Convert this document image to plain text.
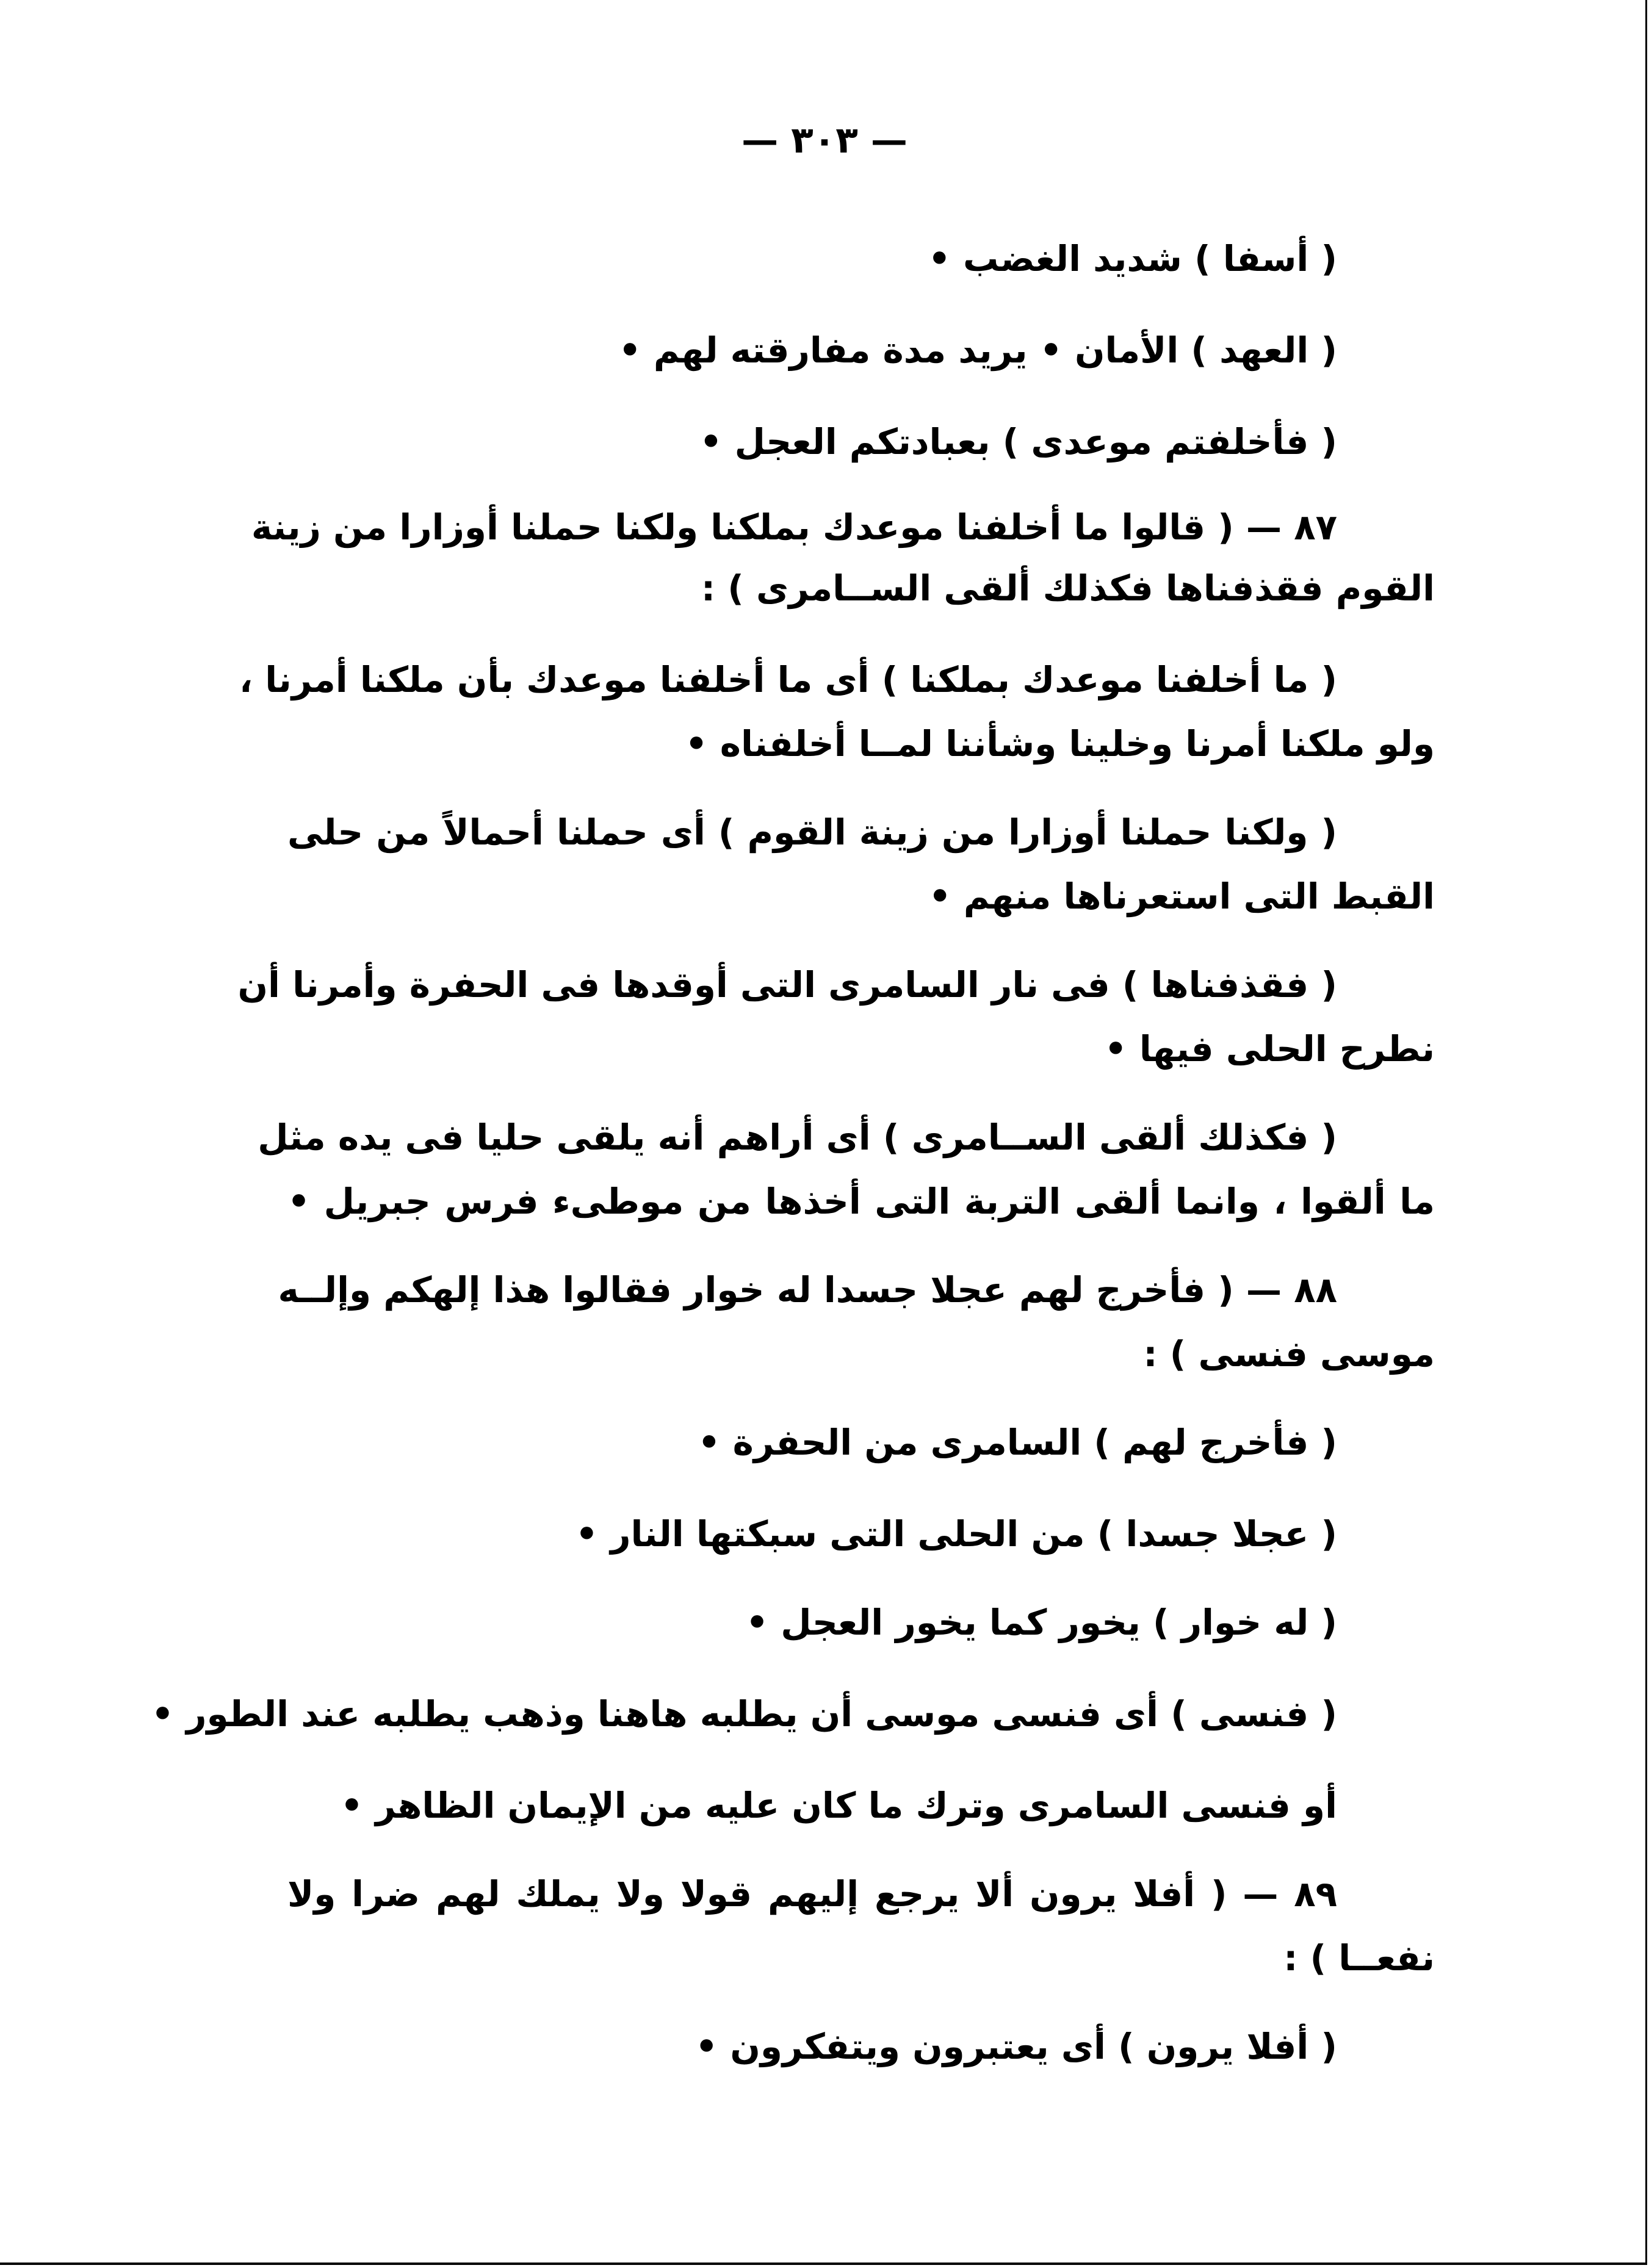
— ٣٠٣ —
( أسفا ) شديد الغضب •
( العهد ) الأمان • يريد مدة مفارقته لهم •
( فأخلفتم موعدى ) بعبادتكم العجل •
٨٧ — ( قالوا ما أخلفنا موعدك بملكنا ولكنا حملنا أوزارا من زينة
القوم فقذفناها فكذلك ألقى الســامرى ) :
( ما أخلفنا موعدك بملكنا ) أى ما أخلفنا موعدك بأن ملكنا أمرنا ،
ولو ملكنا أمرنا وخلينا وشأننا لمــا أخلفناه •
( ولكنا حملنا أوزارا من زينة القوم ) أى حملنا أحمالاً من حلى
القبط التى استعرناها منهم •
( فقذفناها ) فى نار السامرى التى أوقدها فى الحفرة وأمرنا أن
نطرح الحلى فيها •
( فكذلك ألقى الســامرى ) أى أراهم أنه يلقى حليا فى يده مثل
ما ألقوا ، وانما ألقى التربة التى أخذها من موطىء فرس جبريل •
٨٨ — ( فأخرج لهم عجلا جسدا له خوار فقالوا هذا إلهكم وإلــه
موسى فنسى ) :
( فأخرج لهم ) السامرى من الحفرة •
( عجلا جسدا ) من الحلى التى سبكتها النار •
( له خوار ) يخور كما يخور العجل •
( فنسى ) أى فنسى موسى أن يطلبه هاهنا وذهب يطلبه عند الطور •
أو فنسى السامرى وترك ما كان عليه من الإيمان الظاهر •
٨٩ — ( أفلا يرون ألا يرجع إليهم قولا ولا يملك لهم ضرا ولا
نفعــا ) :
( أفلا يرون ) أى يعتبرون ويتفكرون •
